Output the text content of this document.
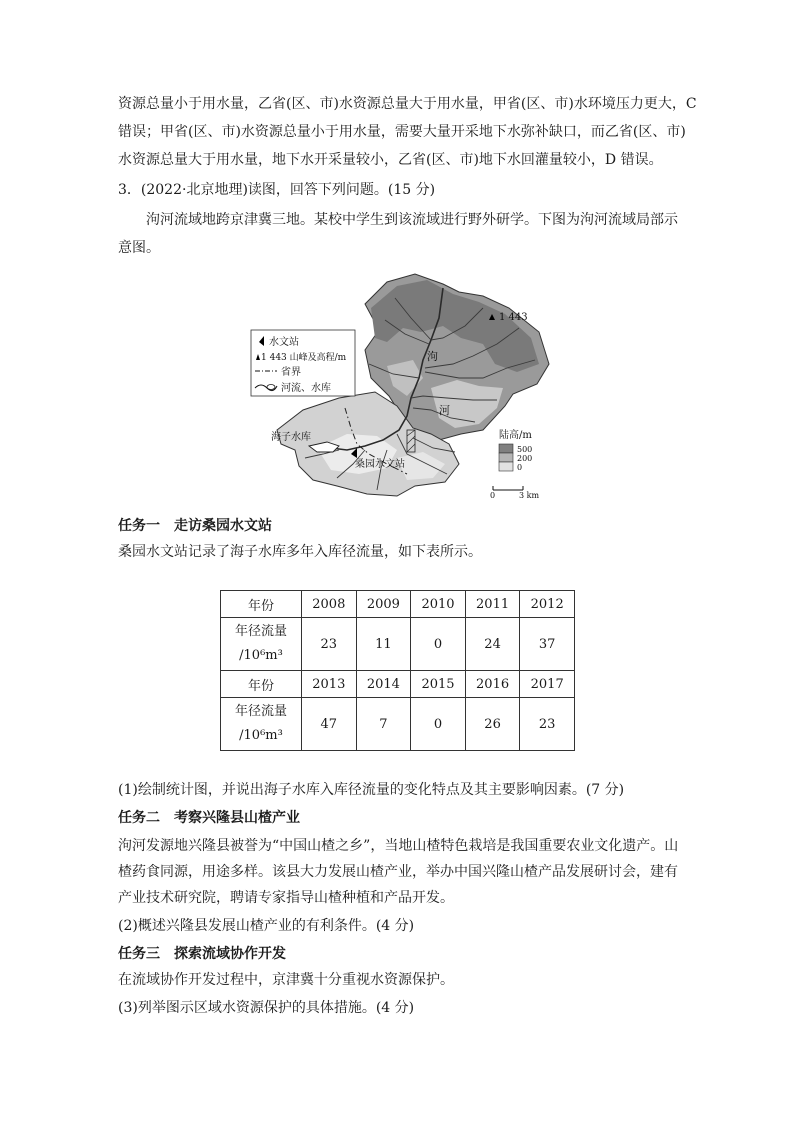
资源总量小于用水量，乙省(区、市)水资源总量大于用水量，甲省(区、市)水环境压力更大，C
错误；甲省(区、市)水资源总量小于用水量，需要大量开采地下水弥补缺口，而乙省(区、市)
水资源总量大于用水量，地下水开采量较小，乙省(区、市)地下水回灌量较小，D 错误。
3．(2022·北京地理)读图，回答下列问题。(15 分)
泃河流域地跨京津冀三地。某校中学生到该流域进行野外研学。下图为泃河流域局部示
意图。
1 443
泃
河
海子水库
桑园水文站
水文站
1 443 山峰及高程/m
省界
河流、水库
陆高/m
500
200
0
0	3 km
任务一　走访桑园水文站
桑园水文站记录了海子水库多年入库径流量，如下表所示。
年份	2008	2009	2010	2011	2012

年径流量
/10⁶m³	23	11	0	24	37
年份	2013	2014	2015	2016	2017

年径流量
/10⁶m³	47	7	0	26	23
(1)绘制统计图，并说出海子水库入库径流量的变化特点及其主要影响因素。(7 分)
任务二　考察兴隆县山楂产业
泃河发源地兴隆县被誉为“中国山楂之乡”，当地山楂特色栽培是我国重要农业文化遗产。山
楂药食同源，用途多样。该县大力发展山楂产业，举办中国兴隆山楂产品发展研讨会，建有
产业技术研究院，聘请专家指导山楂种植和产品开发。
(2)概述兴隆县发展山楂产业的有利条件。(4 分)
任务三　探索流域协作开发
在流域协作开发过程中，京津冀十分重视水资源保护。
(3)列举图示区域水资源保护的具体措施。(4 分)
